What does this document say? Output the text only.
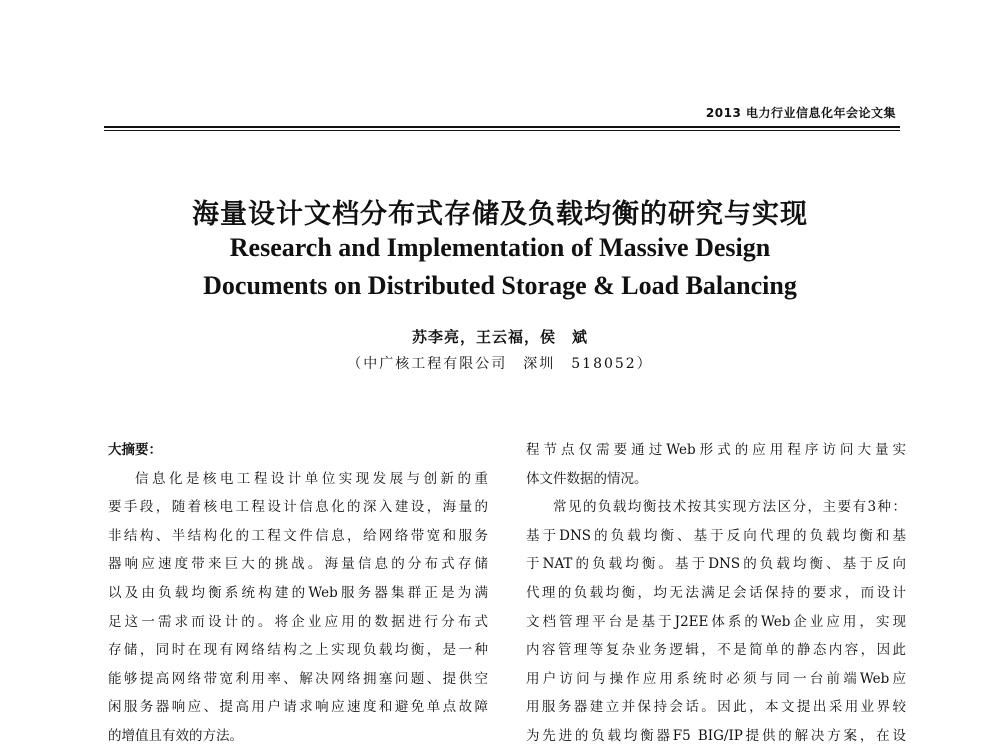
2013 电力行业信息化年会论文集
海量设计文档分布式存储及负载均衡的研究与实现
Research and Implementation of Massive Design
Documents on Distributed Storage & Load Balancing
苏李亮，王云福，侯　斌
（中广核工程有限公司　深圳　518052）
大摘要：
信息化是核电工程设计单位实现发展与创新的重
要手段，随着核电工程设计信息化的深入建设，海量的
非结构、半结构化的工程文件信息，给网络带宽和服务
器响应速度带来巨大的挑战。海量信息的分布式存储
以及由负载均衡系统构建的Web服务器集群正是为满
足这一需求而设计的。将企业应用的数据进行分布式
存储，同时在现有网络结构之上实现负载均衡，是一种
能够提高网络带宽利用率、解决网络拥塞问题、提供空
闲服务器响应、提高用户请求响应速度和避免单点故障
的增值且有效的方法。
程节点仅需要通过Web形式的应用程序访问大量实
体文件数据的情况。
常见的负载均衡技术按其实现方法区分，主要有3种：
基于DNS的负载均衡、基于反向代理的负载均衡和基
于NAT的负载均衡。基于DNS的负载均衡、基于反向
代理的负载均衡，均无法满足会话保持的要求，而设计
文档管理平台是基于J2EE体系的Web企业应用，实现
内容管理等复杂业务逻辑，不是简单的静态内容，因此
用户访问与操作应用系统时必须与同一台前端Web应
用服务器建立并保持会话。因此，本文提出采用业界较
为先进的负载均衡器F5 BIG/IP提供的解决方案，在设
